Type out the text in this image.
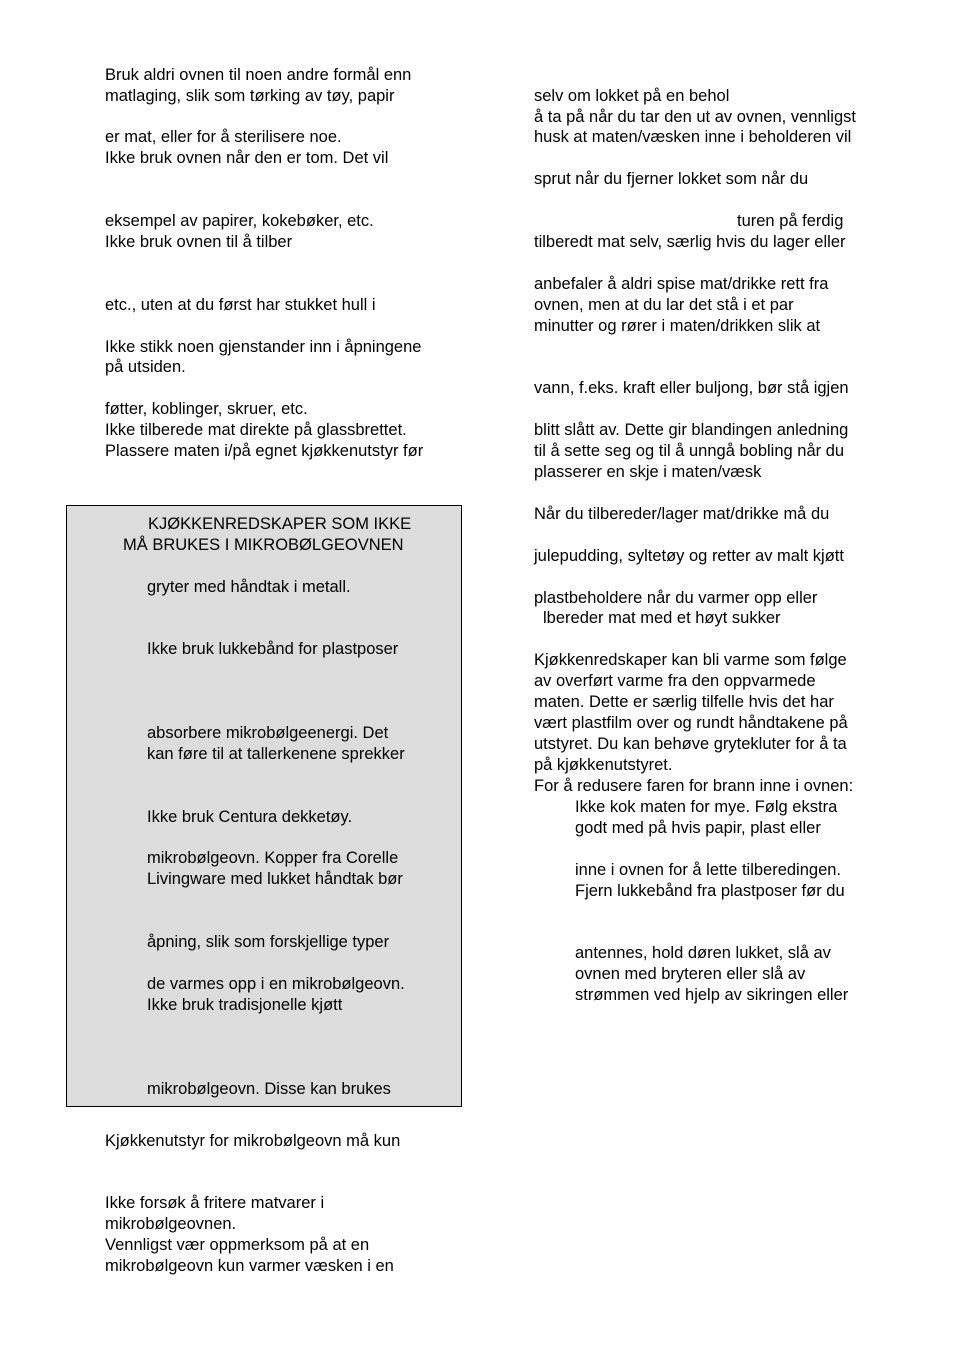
Bruk aldri ovnen til noen andre formål enn
matlaging, slik som tørking av tøy, papir
er mat, eller for å sterilisere noe.
Ikke bruk ovnen når den er tom. Det vil
eksempel av papirer, kokebøker, etc.
Ikke bruk ovnen til å tilber
etc., uten at du først har stukket hull i
Ikke stikk noen gjenstander inn i åpningene
på utsiden.
føtter, koblinger, skruer, etc.
Ikke tilberede mat direkte på glassbrettet.
Plassere maten i/på egnet kjøkkenutstyr før
KJØKKENREDSKAPER SOM IKKE
MÅ BRUKES I MIKROBØLGEOVNEN
gryter med håndtak i metall.
Ikke bruk lukkebånd for plastposer
absorbere mikrobølgeenergi. Det
kan føre til at tallerkenene sprekker
Ikke bruk Centura dekketøy.
mikrobølgeovn. Kopper fra Corelle
Livingware med lukket håndtak bør
åpning, slik som forskjellige typer
de varmes opp i en mikrobølgeovn.
Ikke bruk tradisjonelle kjøtt
mikrobølgeovn. Disse kan brukes
Kjøkkenutstyr for mikrobølgeovn må kun
Ikke forsøk å fritere matvarer i
mikrobølgeovnen.
Vennligst vær oppmerksom på at en
mikrobølgeovn kun varmer væsken i en
selv om lokket på en behol
å ta på når du tar den ut av ovnen, vennligst
husk at maten/væsken inne i beholderen vil
sprut når du fjerner lokket som når du
turen på ferdig
tilberedt mat selv, særlig hvis du lager eller
anbefaler å aldri spise mat/drikke rett fra
ovnen, men at du lar det stå i et par
minutter og rører i maten/drikken slik at
vann, f.eks. kraft eller buljong, bør stå igjen
blitt slått av. Dette gir blandingen anledning
til å sette seg og til å unngå bobling når du
plasserer en skje i maten/væsk
Når du tilbereder/lager mat/drikke må du
julepudding, syltetøy og retter av malt kjøtt
plastbeholdere når du varmer opp eller
lbereder mat med et høyt sukker
Kjøkkenredskaper kan bli varme som følge
av overført varme fra den oppvarmede
maten. Dette er særlig tilfelle hvis det har
vært plastfilm over og rundt håndtakene på
utstyret. Du kan behøve grytekluter for å ta
på kjøkkenutstyret.
For å redusere faren for brann inne i ovnen:
Ikke kok maten for mye. Følg ekstra
godt med på hvis papir, plast eller
inne i ovnen for å lette tilberedingen.
Fjern lukkebånd fra plastposer før du
antennes, hold døren lukket, slå av
ovnen med bryteren eller slå av
strømmen ved hjelp av sikringen eller
